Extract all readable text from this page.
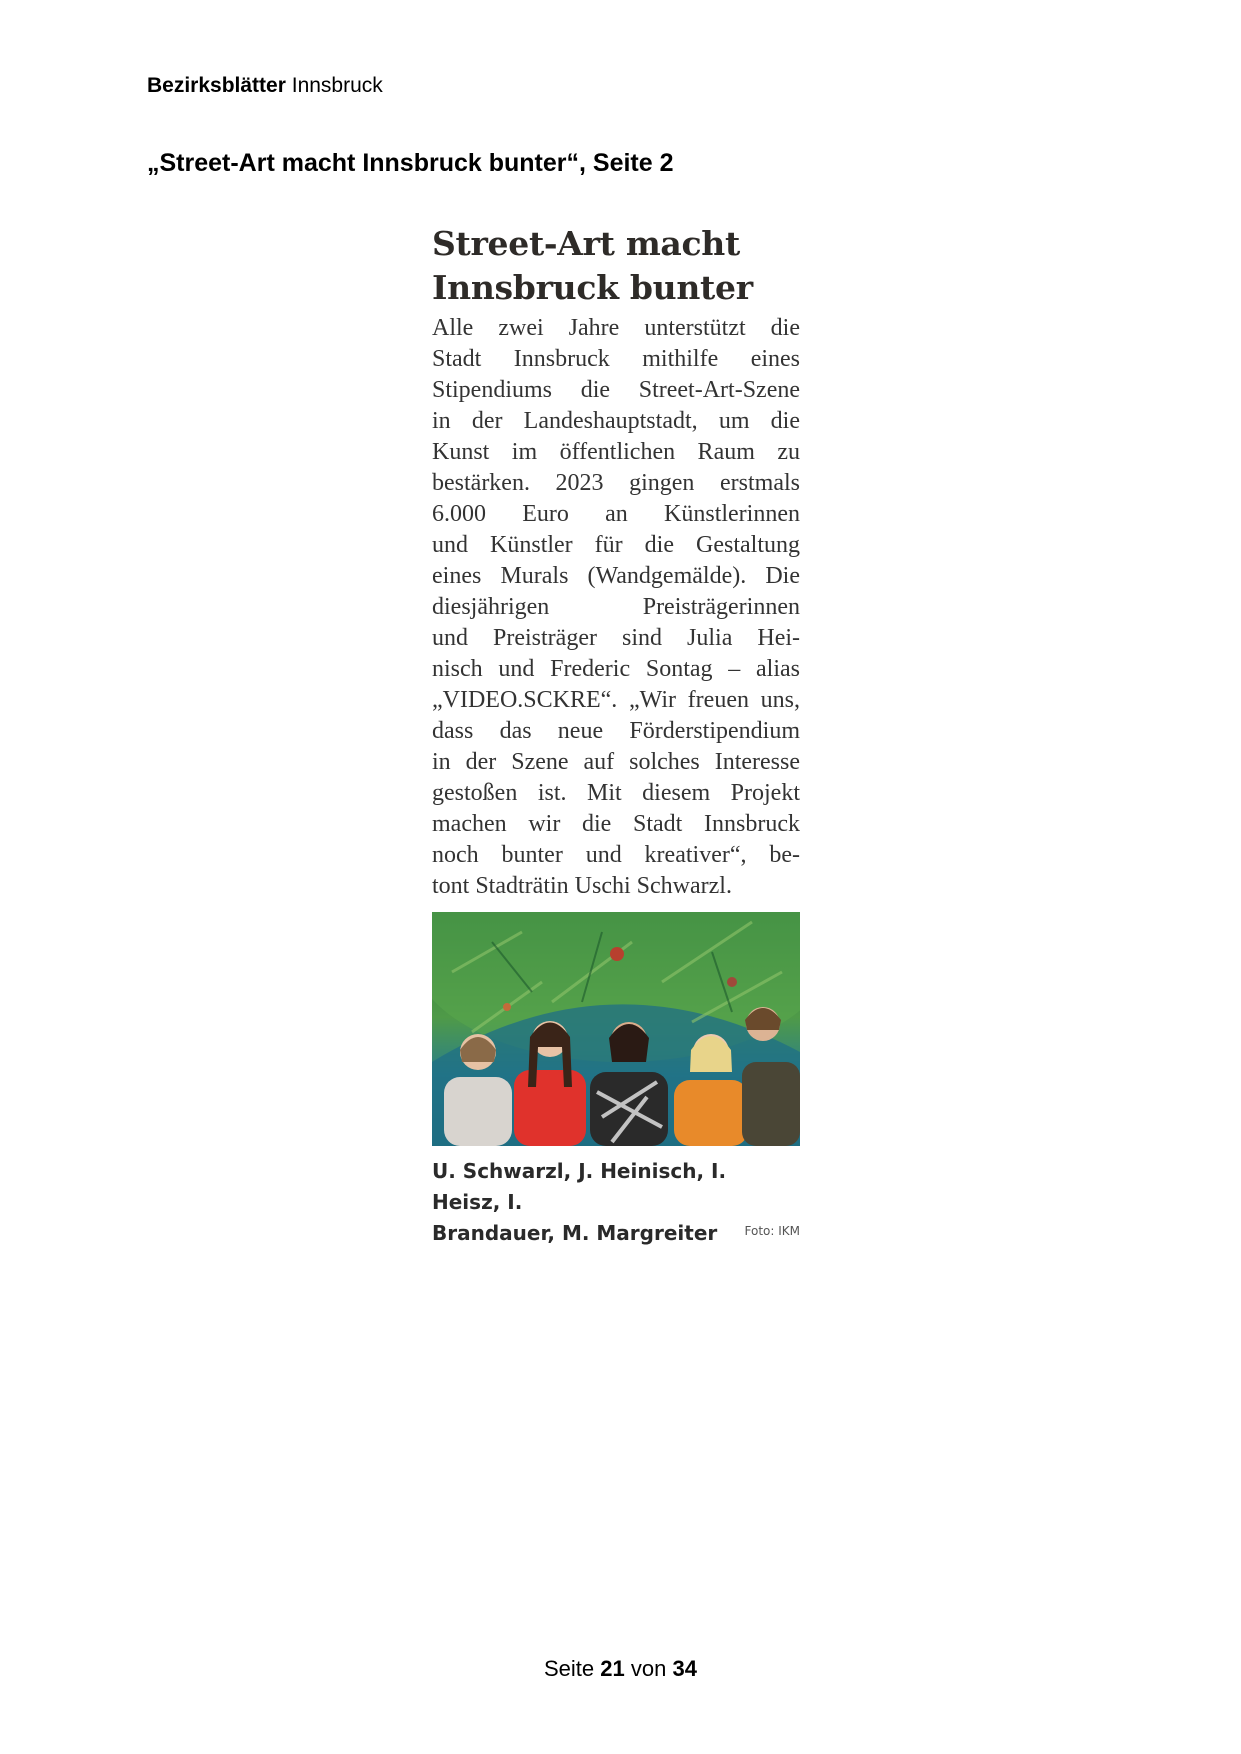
Bezirksblätter Innsbruck
„Street-Art macht Innsbruck bunter“, Seite 2
Street-Art macht
Innsbruck bunter
Alle zwei Jahre unterstützt die
Stadt Innsbruck mithilfe eines
Stipendiums die Street-Art-Szene
in der Landeshauptstadt, um die
Kunst im öffentlichen Raum zu
bestärken. 2023 gingen erstmals
6.000 Euro an Künstlerinnen
und Künstler für die Gestaltung
eines Murals (Wandgemälde). Die
diesjährigen Preisträgerinnen
und Preisträger sind Julia Hei-
nisch und Frederic Sontag – alias
„VIDEO.SCKRE“. „Wir freuen uns,
dass das neue Förderstipendium
in der Szene auf solches Interesse
gestoßen ist. Mit diesem Projekt
machen wir die Stadt Innsbruck
noch bunter und kreativer“, be-
tont Stadträtin Uschi Schwarzl.
U. Schwarzl, J. Heinisch, I. Heisz, I.
Brandauer, M. Margreiter	Foto: IKM
Seite 21 von 34
